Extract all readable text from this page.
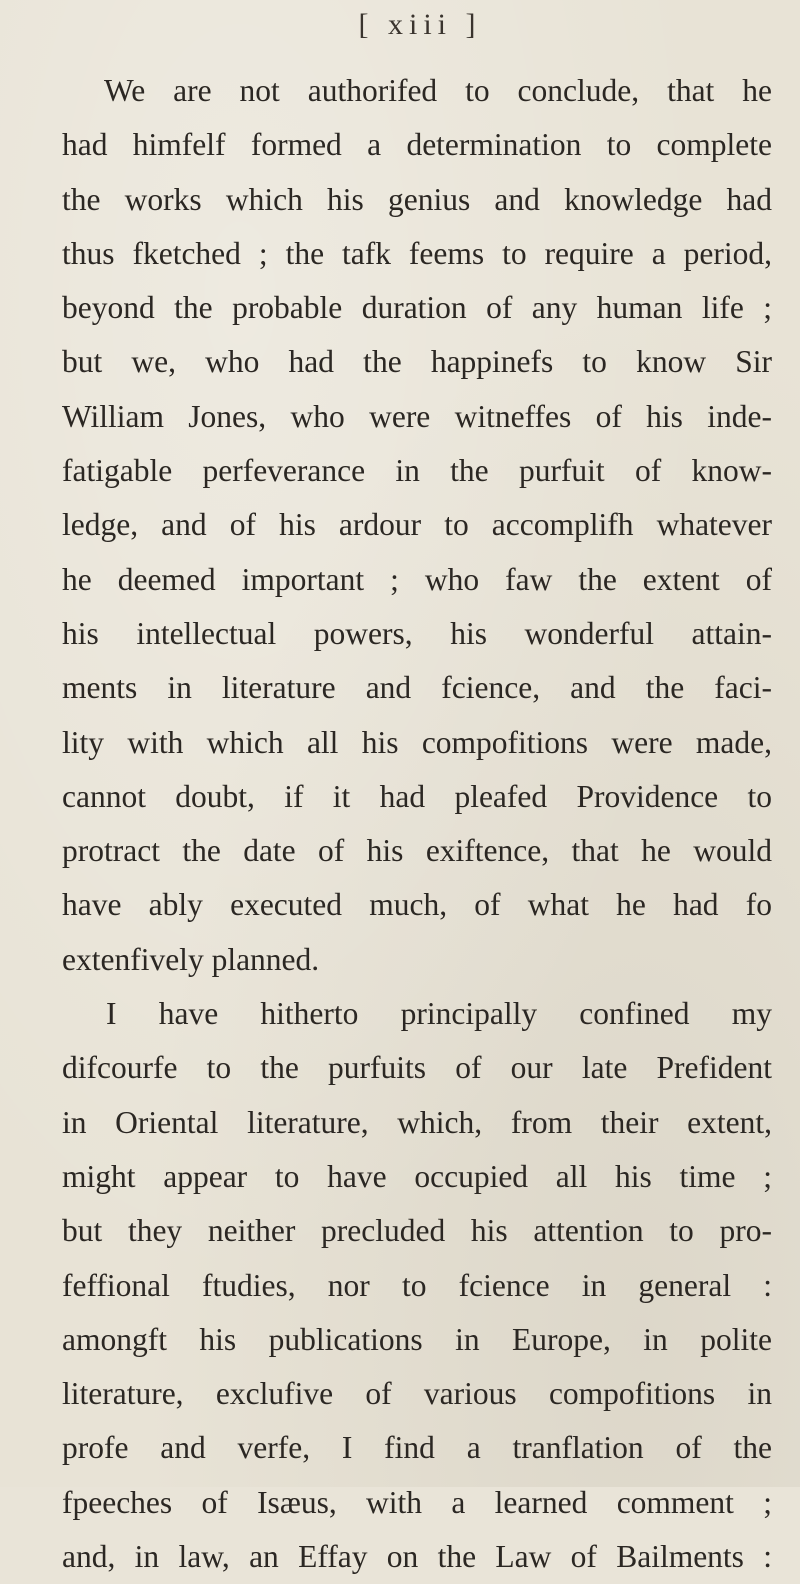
[ xiii ]
We are not authorifed to conclude, that he
had himfelf formed a determination to complete
the works which his genius and knowledge had
thus fketched ; the tafk feems to require a period,
beyond the probable duration of any human life ;
but we, who had the happinefs to know Sir
William Jones, who were witneffes of his inde-
fatigable perfeverance in the purfuit of know-
ledge, and of his ardour to accomplifh whatever
he deemed important ; who faw the extent of
his intellectual powers, his wonderful attain-
ments in literature and fcience, and the faci-
lity with which all his compofitions were made,
cannot doubt, if it had pleafed Providence to
protract the date of his exiftence, that he would
have ably executed much, of what he had fo
extenfively planned.
I have hitherto principally confined my
difcourfe to the purfuits of our late Prefident
in Oriental literature, which, from their extent,
might appear to have occupied all his time ;
but they neither precluded his attention to pro-
feffional ftudies, nor to fcience in general :
amongft his publications in Europe, in polite
literature, exclufive of various compofitions in
profe and verfe, I find a tranflation of the
fpeeches of Isæus, with a learned comment ;
and, in law, an Effay on the Law of Bailments :
